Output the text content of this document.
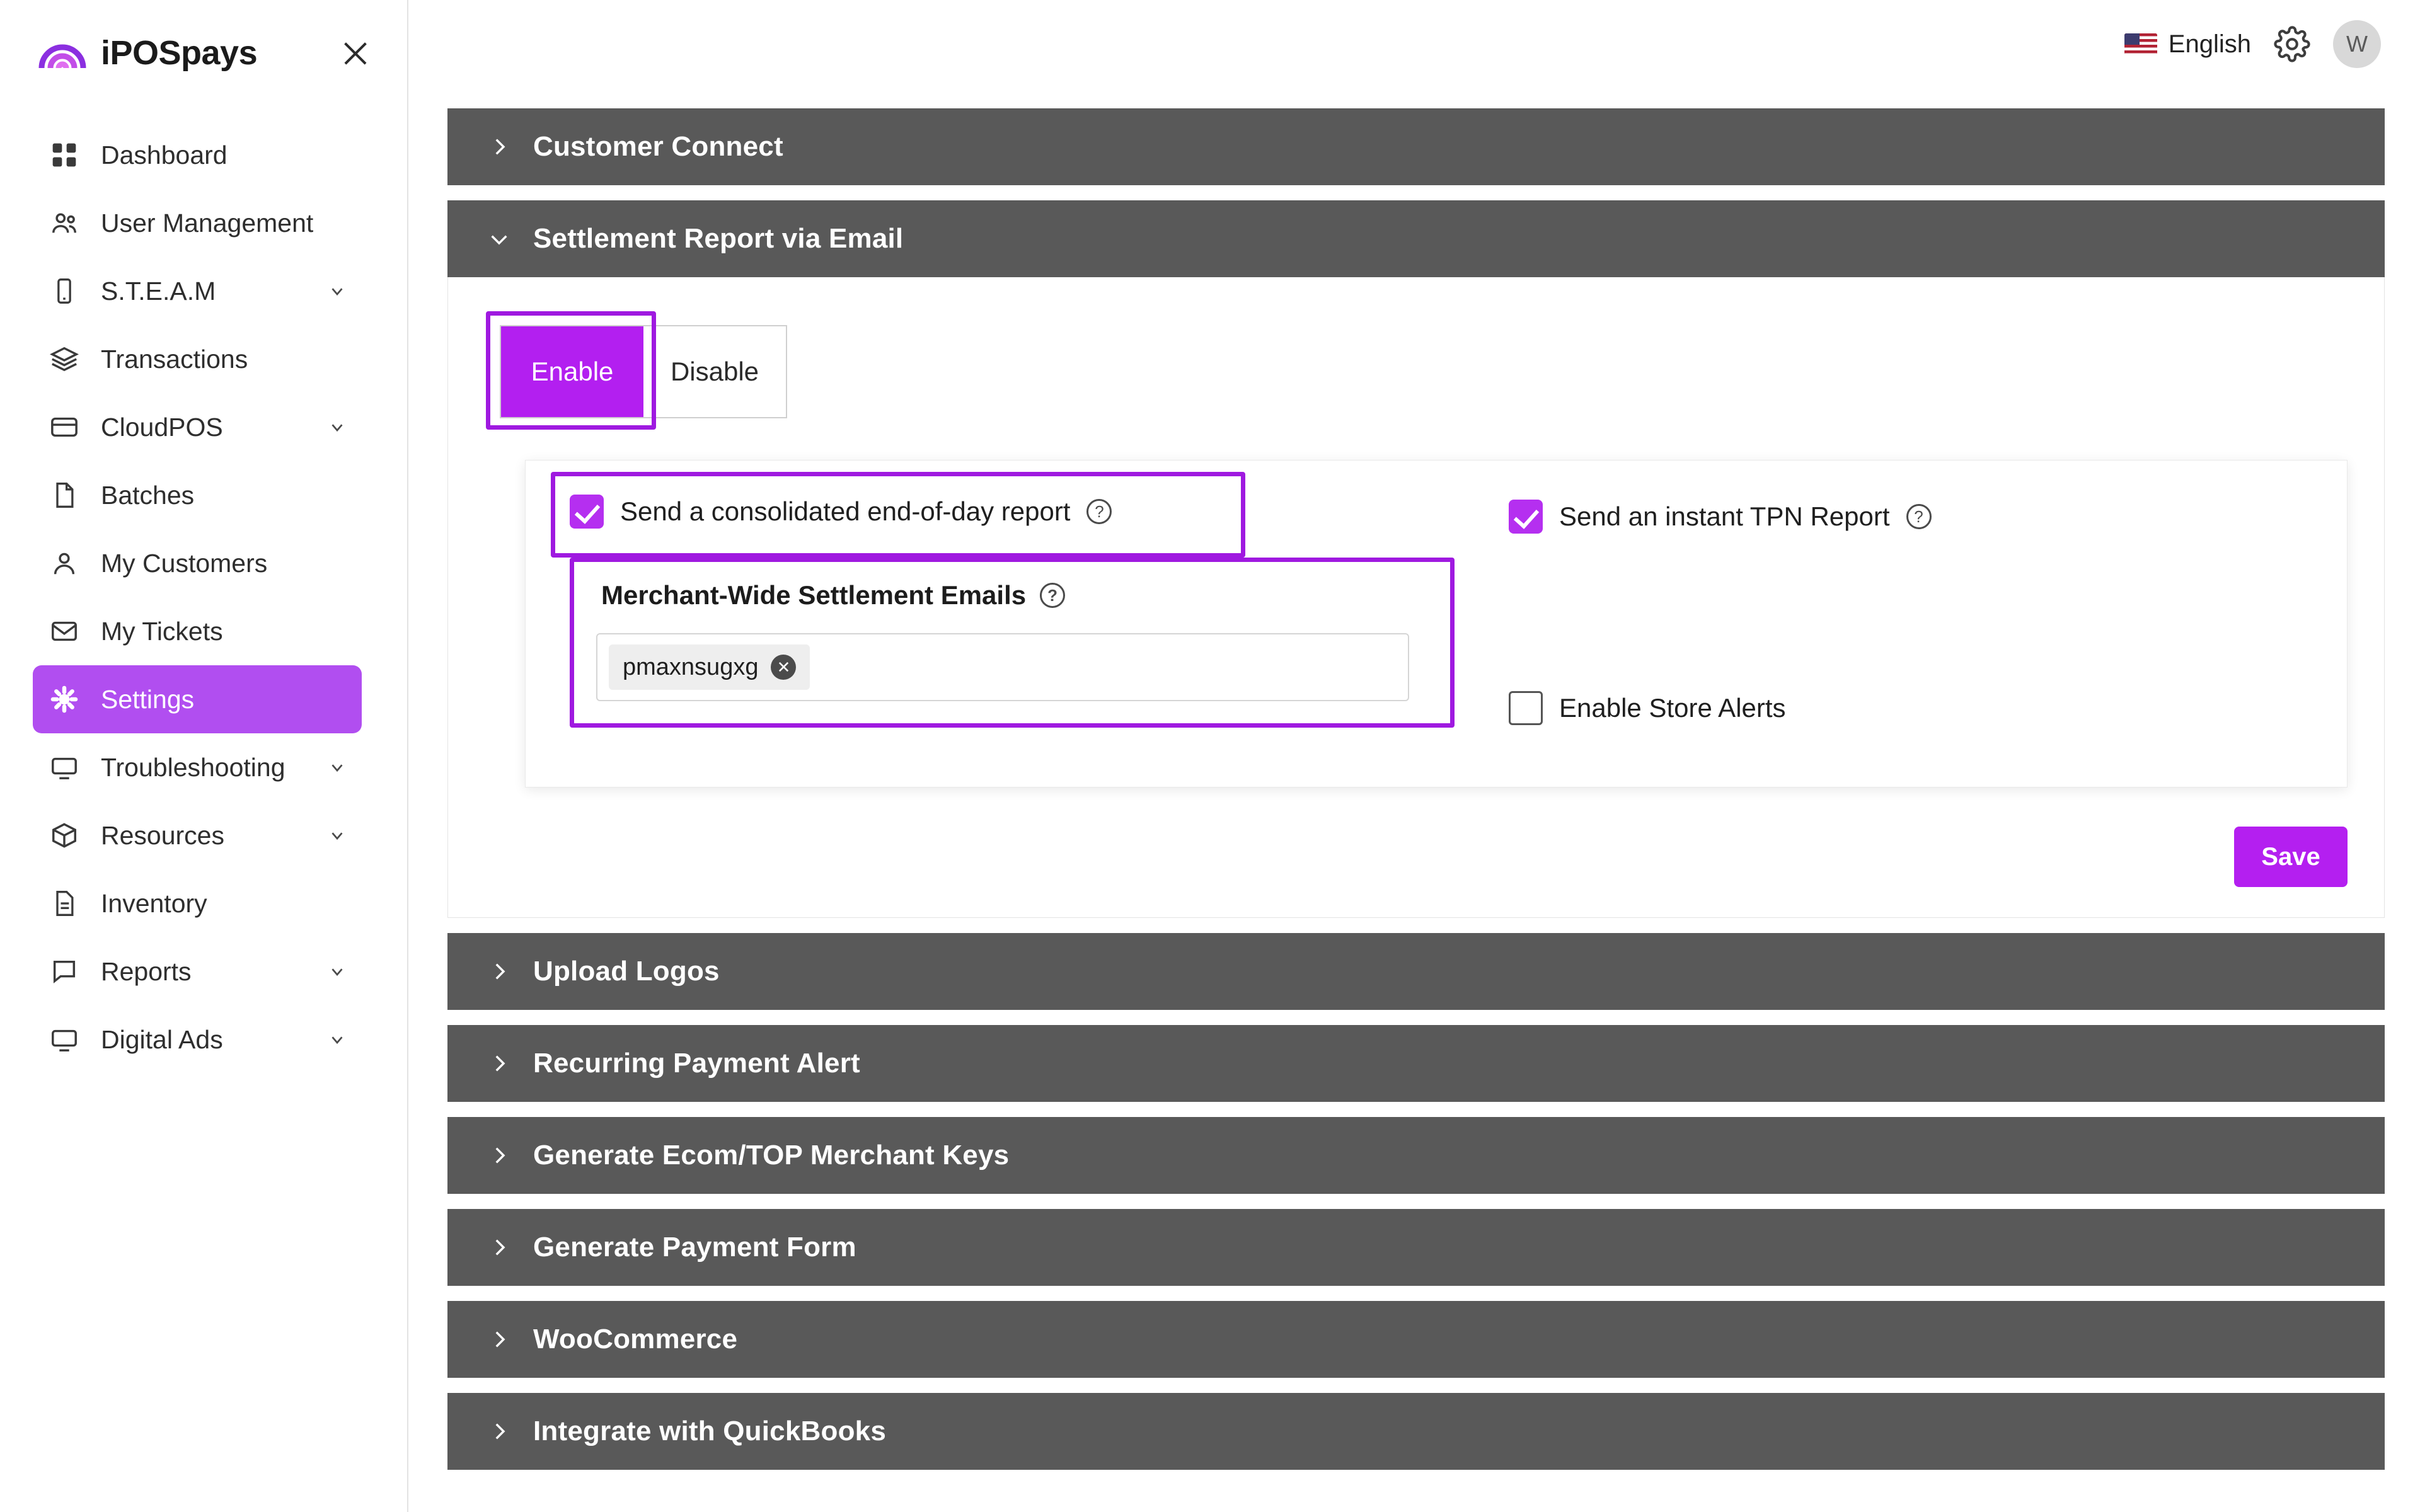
iPOSpays
Dashboard
User Management
S.T.E.A.M
Transactions
CloudPOS
Batches
My Customers
My Tickets
Settings
Troubleshooting
Resources
Inventory
Reports
Digital Ads
English	W
Customer Connect
Settlement Report via Email
Enable	Disable
Send a consolidated end-of-day report	?
Merchant-Wide Settlement Emails	?
pmaxnsugxg	✕
Send an instant TPN Report	?
Enable Store Alerts
Save
Upload Logos
Recurring Payment Alert
Generate Ecom/TOP Merchant Keys
Generate Payment Form
WooCommerce
Integrate with QuickBooks
